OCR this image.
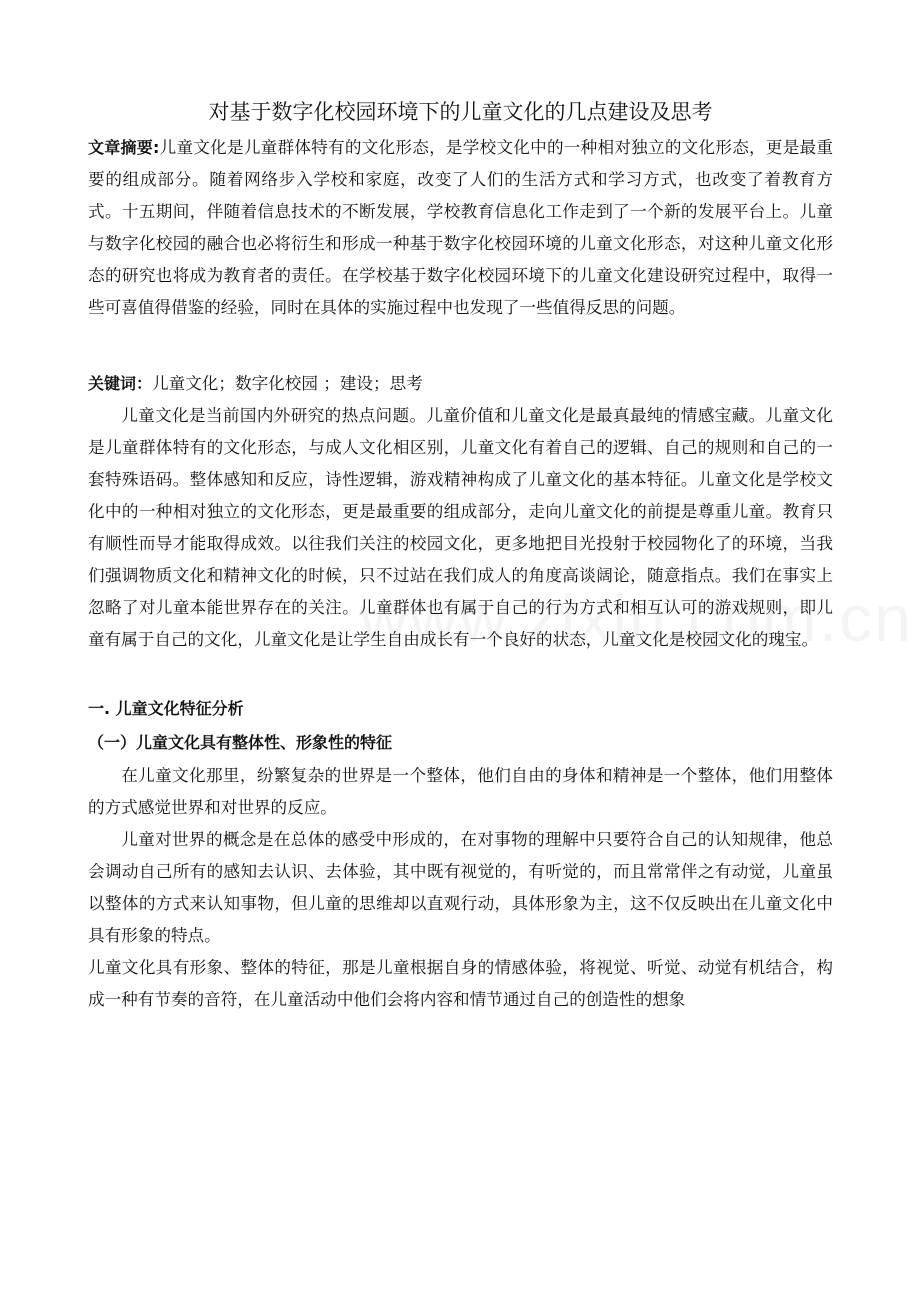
对基于数字化校园环境下的儿童文化的几点建设及思考

文章摘要:儿童文化是儿童群体特有的文化形态，是学校文化中的一种相对独立的文化形态，更是最重要的组成部分。随着网络步入学校和家庭，改变了人们的生活方式和学习方式，也改变了着教育方式。十五期间，伴随着信息技术的不断发展，学校教育信息化工作走到了一个新的发展平台上。儿童与数字化校园的融合也必将衍生和形成一种基于数字化校园环境的儿童文化形态，对这种儿童文化形态的研究也将成为教育者的责任。在学校基于数字化校园环境下的儿童文化建设研究过程中，取得一些可喜值得借鉴的经验，同时在具体的实施过程中也发现了一些值得反思的问题。

关键词：儿童文化；数字化校园 ；建设；思考

儿童文化是当前国内外研究的热点问题。儿童价值和儿童文化是最真最纯的情感宝藏。儿童文化是儿童群体特有的文化形态，与成人文化相区别，儿童文化有着自己的逻辑、自己的规则和自己的一套特殊语码。整体感知和反应，诗性逻辑，游戏精神构成了儿童文化的基本特征。儿童文化是学校文化中的一种相对独立的文化形态，更是最重要的组成部分，走向儿童文化的前提是尊重儿童。教育只有顺性而导才能取得成效。以往我们关注的校园文化，更多地把目光投射于校园物化了的环境，当我们强调物质文化和精神文化的时候，只不过站在我们成人的角度高谈阔论，随意指点。我们在事实上忽略了对儿童本能世界存在的关注。儿童群体也有属于自己的行为方式和相互认可的游戏规则，即儿童有属于自己的文化，儿童文化是让学生自由成长有一个良好的状态，儿童文化是校园文化的瑰宝。

一. 儿童文化特征分析

（一）儿童文化具有整体性、形象性的特征

在儿童文化那里，纷繁复杂的世界是一个整体，他们自由的身体和精神是一个整体，他们用整体的方式感觉世界和对世界的反应。

儿童对世界的概念是在总体的感受中形成的，在对事物的理解中只要符合自己的认知规律，他总会调动自己所有的感知去认识、去体验，其中既有视觉的，有听觉的，而且常常伴之有动觉，儿童虽以整体的方式来认知事物，但儿童的思维却以直观行动，具体形象为主，这不仅反映出在儿童文化中具有形象的特点。

儿童文化具有形象、整体的特征，那是儿童根据自身的情感体验，将视觉、听觉、动觉有机结合，构成一种有节奏的音符，在儿童活动中他们会将内容和情节通过自己的创造性的想象
